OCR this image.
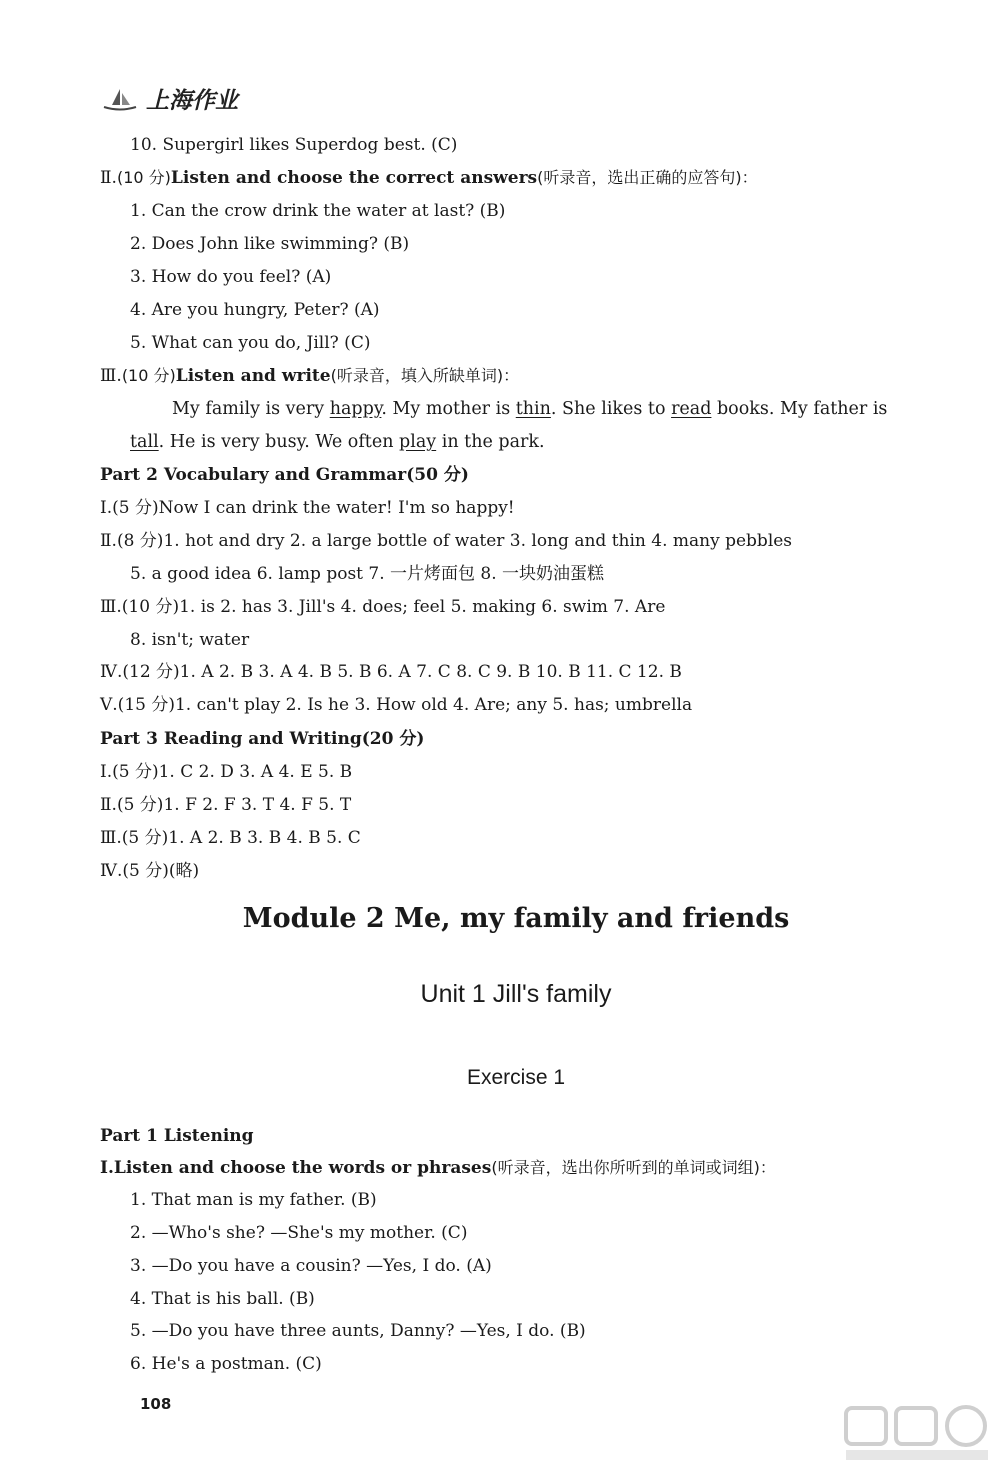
上海作业
10. Supergirl likes Superdog best. (C)
Ⅱ.(10 分)Listen and choose the correct answers(听录音，选出正确的应答句)：
1. Can the crow drink the water at last? (B)
2. Does John like swimming? (B)
3. How do you feel? (A)
4. Are you hungry, Peter? (A)
5. What can you do, Jill? (C)
Ⅲ.(10 分)Listen and write(听录音，填入所缺单词)：
My family is very happy. My mother is thin. She likes to read books. My father is
tall. He is very busy. We often play in the park.
Part 2 Vocabulary and Grammar(50 分)
Ⅰ.(5 分)Now I can drink the water! I'm so happy!
Ⅱ.(8 分)1. hot and dry 2. a large bottle of water 3. long and thin 4. many pebbles
5. a good idea 6. lamp post 7. 一片烤面包 8. 一块奶油蛋糕
Ⅲ.(10 分)1. is 2. has 3. Jill's 4. does; feel 5. making 6. swim 7. Are
8. isn't; water
Ⅳ.(12 分)1. A 2. B 3. A 4. B 5. B 6. A 7. C 8. C 9. B 10. B 11. C 12. B
Ⅴ.(15 分)1. can't play 2. Is he 3. How old 4. Are; any 5. has; umbrella
Part 3 Reading and Writing(20 分)
Ⅰ.(5 分)1. C 2. D 3. A 4. E 5. B
Ⅱ.(5 分)1. F 2. F 3. T 4. F 5. T
Ⅲ.(5 分)1. A 2. B 3. B 4. B 5. C
Ⅳ.(5 分)(略)
Module 2 Me, my family and friends
Unit 1 Jill's family
Exercise 1
Part 1 Listening
Ⅰ.Listen and choose the words or phrases(听录音，选出你所听到的单词或词组)：
1. That man is my father. (B)
2. —Who's she? —She's my mother. (C)
3. —Do you have a cousin? —Yes, I do. (A)
4. That is his ball. (B)
5. —Do you have three aunts, Danny? —Yes, I do. (B)
6. He's a postman. (C)
108
